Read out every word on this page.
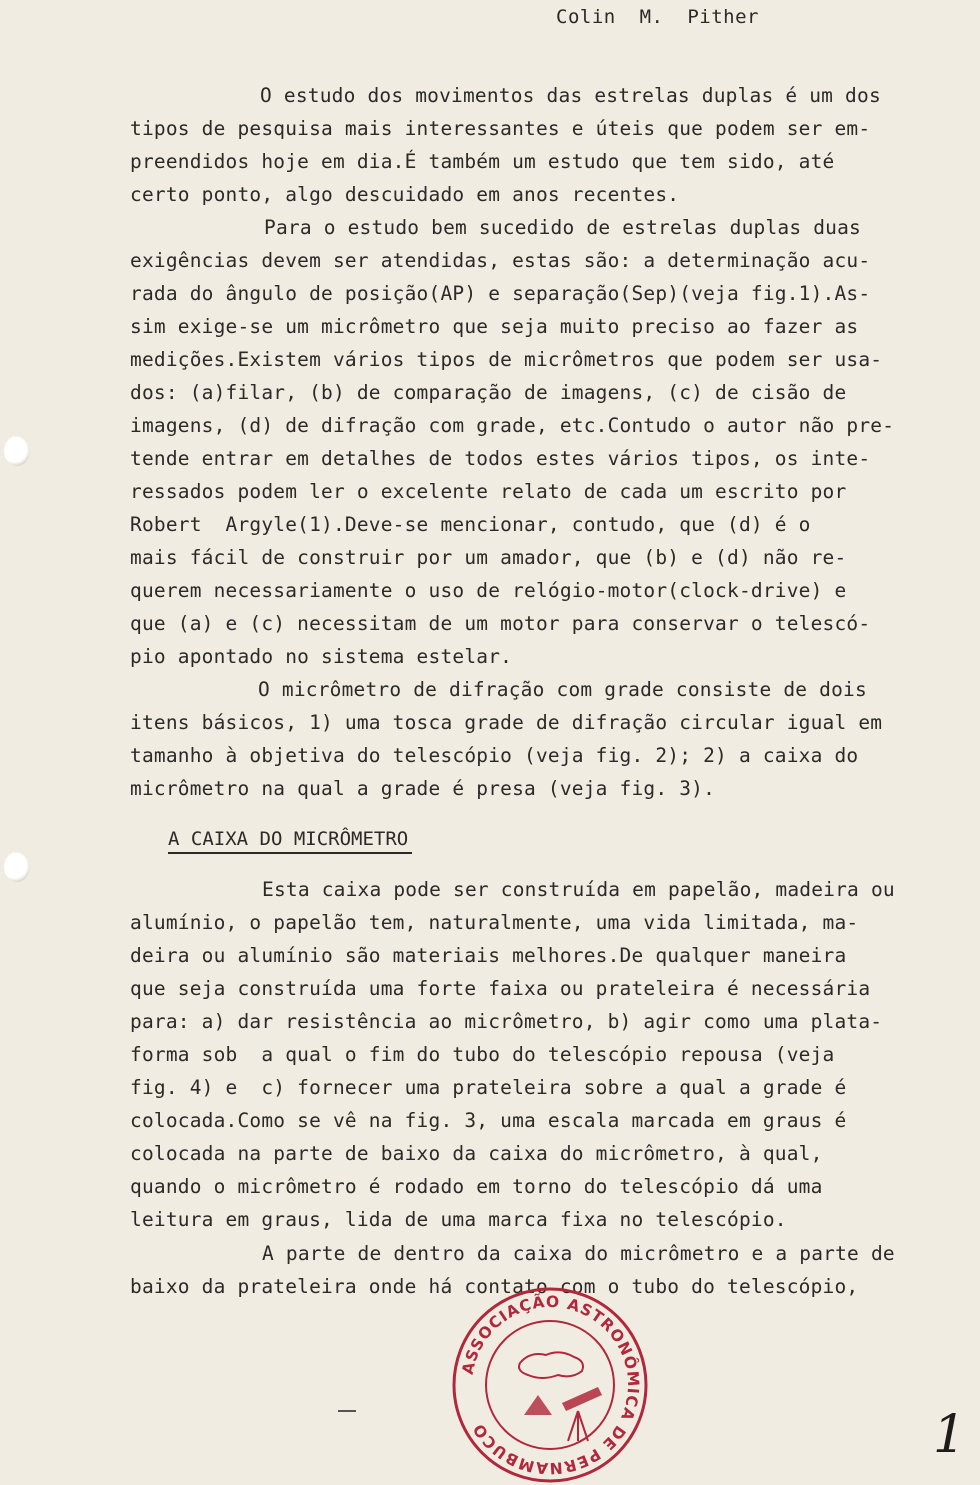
Colin  M.  Pither
O estudo dos movimentos das estrelas duplas é um dos
tipos de pesquisa mais interessantes e úteis que podem ser em-
preendidos hoje em dia.É também um estudo que tem sido, até
certo ponto, algo descuidado em anos recentes.
Para o estudo bem sucedido de estrelas duplas duas
exigências devem ser atendidas, estas são: a determinação acu-
rada do ângulo de posição(AP) e separação(Sep)(veja fig.1).As-
sim exige-se um micrômetro que seja muito preciso ao fazer as
medições.Existem vários tipos de micrômetros que podem ser usa-
dos: (a)filar, (b) de comparação de imagens, (c) de cisão de
imagens, (d) de difração com grade, etc.Contudo o autor não pre-
tende entrar em detalhes de todos estes vários tipos, os inte-
ressados podem ler o excelente relato de cada um escrito por
Robert  Argyle(1).Deve-se mencionar, contudo, que (d) é o
mais fácil de construir por um amador, que (b) e (d) não re-
querem necessariamente o uso de relógio-motor(clock-drive) e
que (a) e (c) necessitam de um motor para conservar o telescó-
pio apontado no sistema estelar.
O micrômetro de difração com grade consiste de dois
itens básicos, 1) uma tosca grade de difração circular igual em
tamanho à objetiva do telescópio (veja fig. 2); 2) a caixa do
micrômetro na qual a grade é presa (veja fig. 3).
A CAIXA DO MICRÔMETRO
Esta caixa pode ser construída em papelão, madeira ou
alumínio, o papelão tem, naturalmente, uma vida limitada, ma-
deira ou alumínio são materiais melhores.De qualquer maneira
que seja construída uma forte faixa ou prateleira é necessária
para: a) dar resistência ao micrômetro, b) agir como uma plata-
forma sob  a qual o fim do tubo do telescópio repousa (veja
fig. 4) e  c) fornecer uma prateleira sobre a qual a grade é
colocada.Como se vê na fig. 3, uma escala marcada em graus é
colocada na parte de baixo da caixa do micrômetro, à qual,
quando o micrômetro é rodado em torno do telescópio dá uma
leitura em graus, lida de uma marca fixa no telescópio.
A parte de dentro da caixa do micrômetro e a parte de
baixo da prateleira onde há contato com o tubo do telescópio,
ASSOCIAÇÃO ASTRONÔMICA DE PERNAMBUCO	1
